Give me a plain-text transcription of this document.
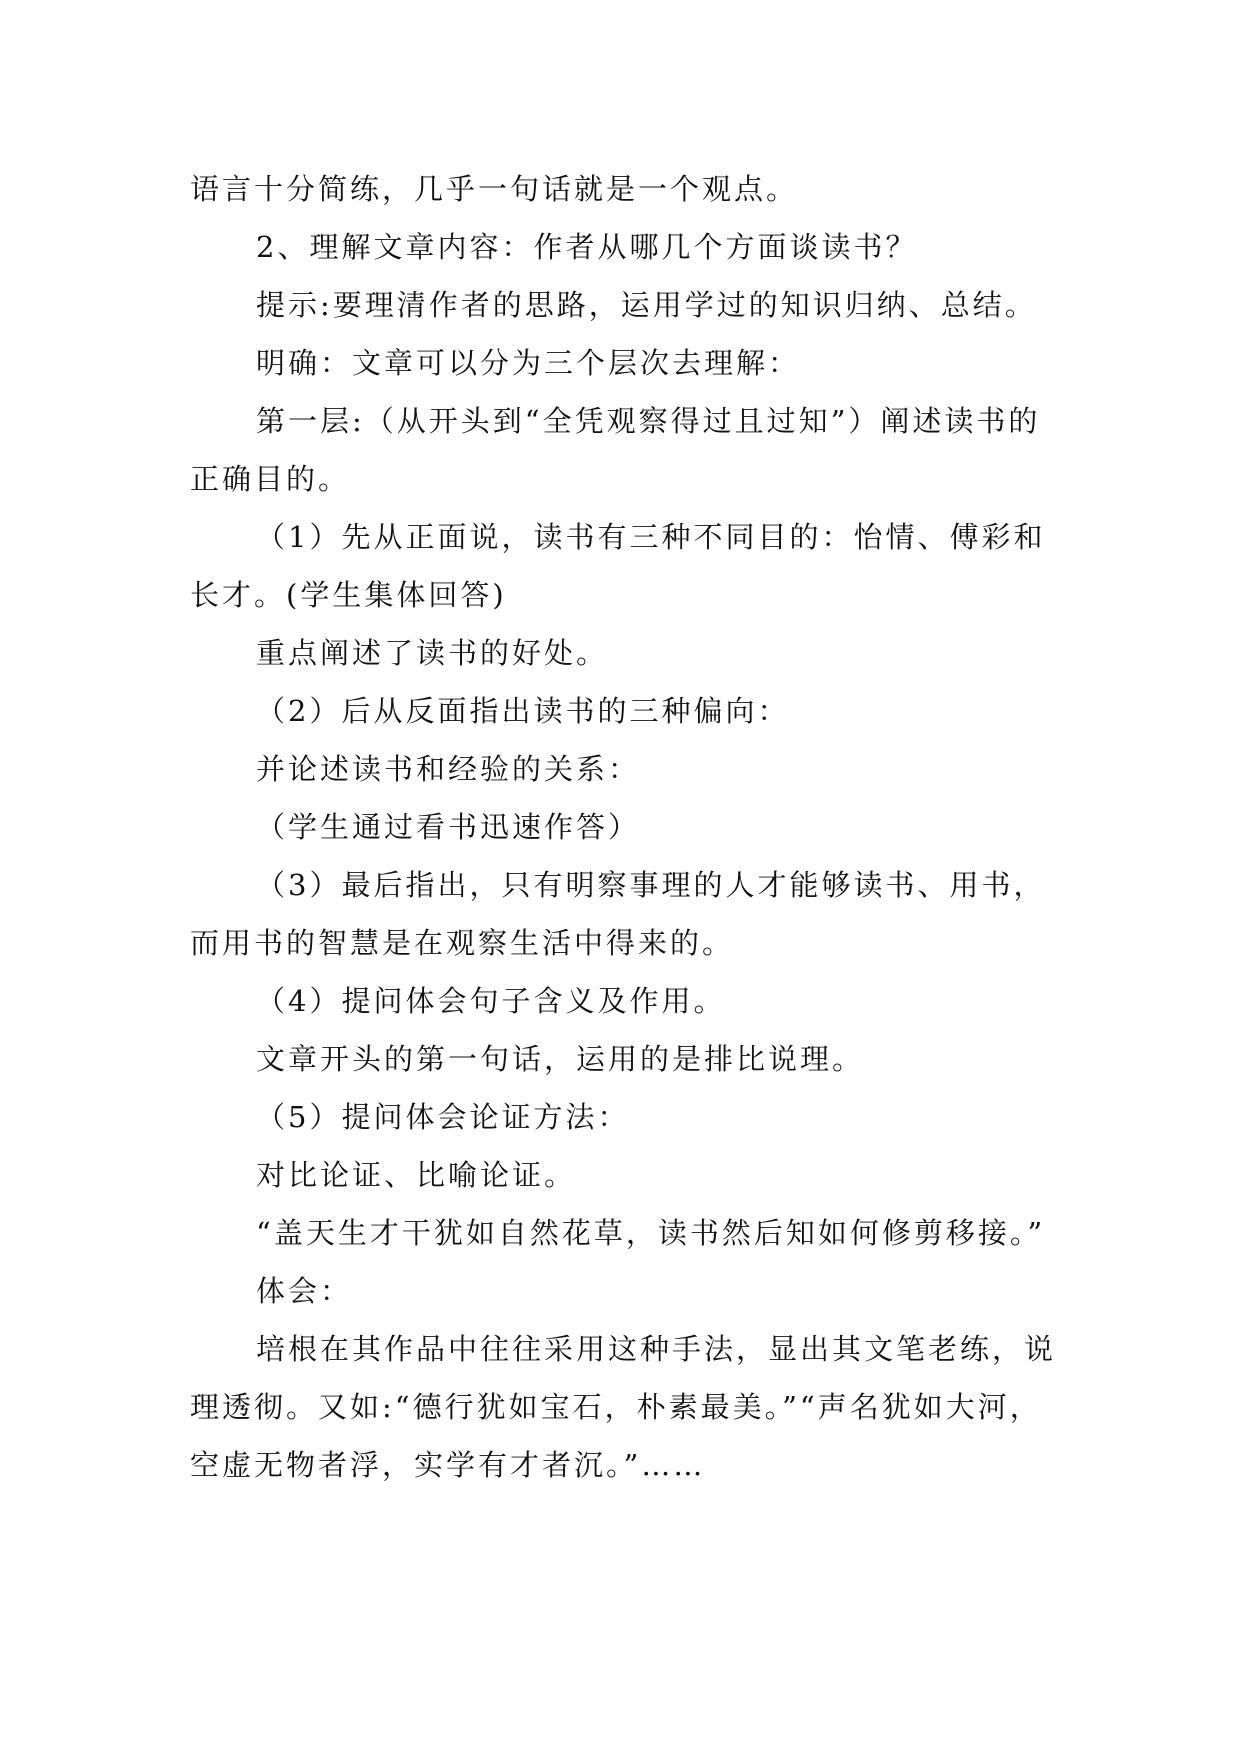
语言十分简练，几乎一句话就是一个观点。

2、理解文章内容：作者从哪几个方面谈读书？

提示:要理清作者的思路，运用学过的知识归纳、总结。

明确：文章可以分为三个层次去理解：

第一层:（从开头到“全凭观察得过且过知”）阐述读书的正确目的。

（1）先从正面说，读书有三种不同目的：怡情、傅彩和长才。(学生集体回答)

重点阐述了读书的好处。

（2）后从反面指出读书的三种偏向：

并论述读书和经验的关系：

（学生通过看书迅速作答）

（3）最后指出，只有明察事理的人才能够读书、用书，而用书的智慧是在观察生活中得来的。

（4）提问体会句子含义及作用。

文章开头的第一句话，运用的是排比说理。

（5）提问体会论证方法：

对比论证、比喻论证。

“盖天生才干犹如自然花草，读书然后知如何修剪移接。”

体会：

培根在其作品中往往采用这种手法，显出其文笔老练，说理透彻。又如:“德行犹如宝石，朴素最美。”“声名犹如大河，空虚无物者浮，实学有才者沉。”……
